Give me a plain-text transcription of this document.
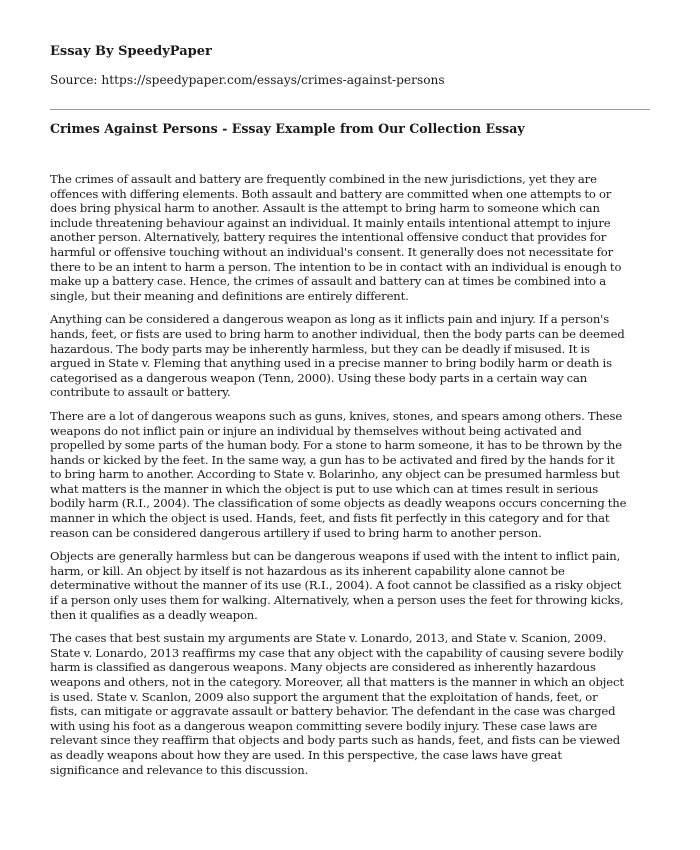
Essay By SpeedyPaper
Source: https://speedypaper.com/essays/crimes-against-persons
Crimes Against Persons - Essay Example from Our Collection Essay

The crimes of assault and battery are frequently combined in the new jurisdictions, yet they are
offences with differing elements. Both assault and battery are committed when one attempts to or
does bring physical harm to another. Assault is the attempt to bring harm to someone which can
include threatening behaviour against an individual. It mainly entails intentional attempt to injure
another person. Alternatively, battery requires the intentional offensive conduct that provides for
harmful or offensive touching without an individual's consent. It generally does not necessitate for
there to be an intent to harm a person. The intention to be in contact with an individual is enough to
make up a battery case. Hence, the crimes of assault and battery can at times be combined into a
single, but their meaning and definitions are entirely different.

Anything can be considered a dangerous weapon as long as it inflicts pain and injury. If a person's
hands, feet, or fists are used to bring harm to another individual, then the body parts can be deemed
hazardous. The body parts may be inherently harmless, but they can be deadly if misused. It is
argued in State v. Fleming that anything used in a precise manner to bring bodily harm or death is
categorised as a dangerous weapon (Tenn, 2000). Using these body parts in a certain way can
contribute to assault or battery.

There are a lot of dangerous weapons such as guns, knives, stones, and spears among others. These
weapons do not inflict pain or injure an individual by themselves without being activated and
propelled by some parts of the human body. For a stone to harm someone, it has to be thrown by the
hands or kicked by the feet. In the same way, a gun has to be activated and fired by the hands for it
to bring harm to another. According to State v. Bolarinho, any object can be presumed harmless but
what matters is the manner in which the object is put to use which can at times result in serious
bodily harm (R.I., 2004). The classification of some objects as deadly weapons occurs concerning the
manner in which the object is used. Hands, feet, and fists fit perfectly in this category and for that
reason can be considered dangerous artillery if used to bring harm to another person.

Objects are generally harmless but can be dangerous weapons if used with the intent to inflict pain,
harm, or kill. An object by itself is not hazardous as its inherent capability alone cannot be
determinative without the manner of its use (R.I., 2004). A foot cannot be classified as a risky object
if a person only uses them for walking. Alternatively, when a person uses the feet for throwing kicks,
then it qualifies as a deadly weapon.

The cases that best sustain my arguments are State v. Lonardo, 2013, and State v. Scanion, 2009.
State v. Lonardo, 2013 reaffirms my case that any object with the capability of causing severe bodily
harm is classified as dangerous weapons. Many objects are considered as inherently hazardous
weapons and others, not in the category. Moreover, all that matters is the manner in which an object
is used. State v. Scanlon, 2009 also support the argument that the exploitation of hands, feet, or
fists, can mitigate or aggravate assault or battery behavior. The defendant in the case was charged
with using his foot as a dangerous weapon committing severe bodily injury. These case laws are
relevant since they reaffirm that objects and body parts such as hands, feet, and fists can be viewed
as deadly weapons about how they are used. In this perspective, the case laws have great
significance and relevance to this discussion.
